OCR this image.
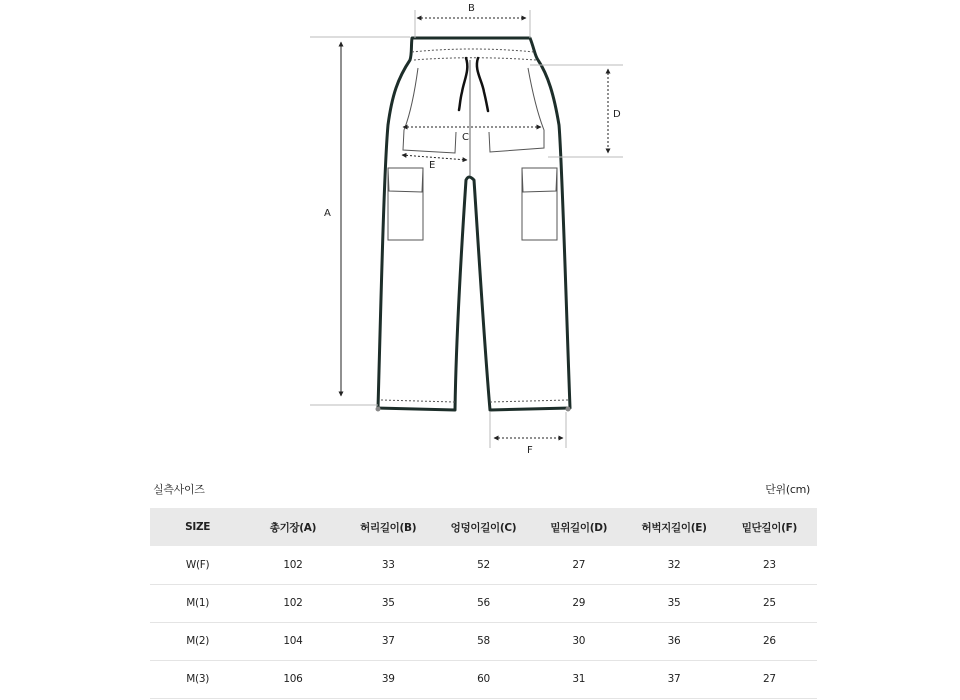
A
B
C
D
E
F
실측사이즈	단위(cm)
SIZE	총기장(A)	허리길이(B)	엉덩이길이(C)	밑위길이(D)	허벅지길이(E)	밑단길이(F)
W(F)	102	33	52	27	32	23
M(1)	102	35	56	29	35	25
M(2)	104	37	58	30	36	26
M(3)	106	39	60	31	37	27
